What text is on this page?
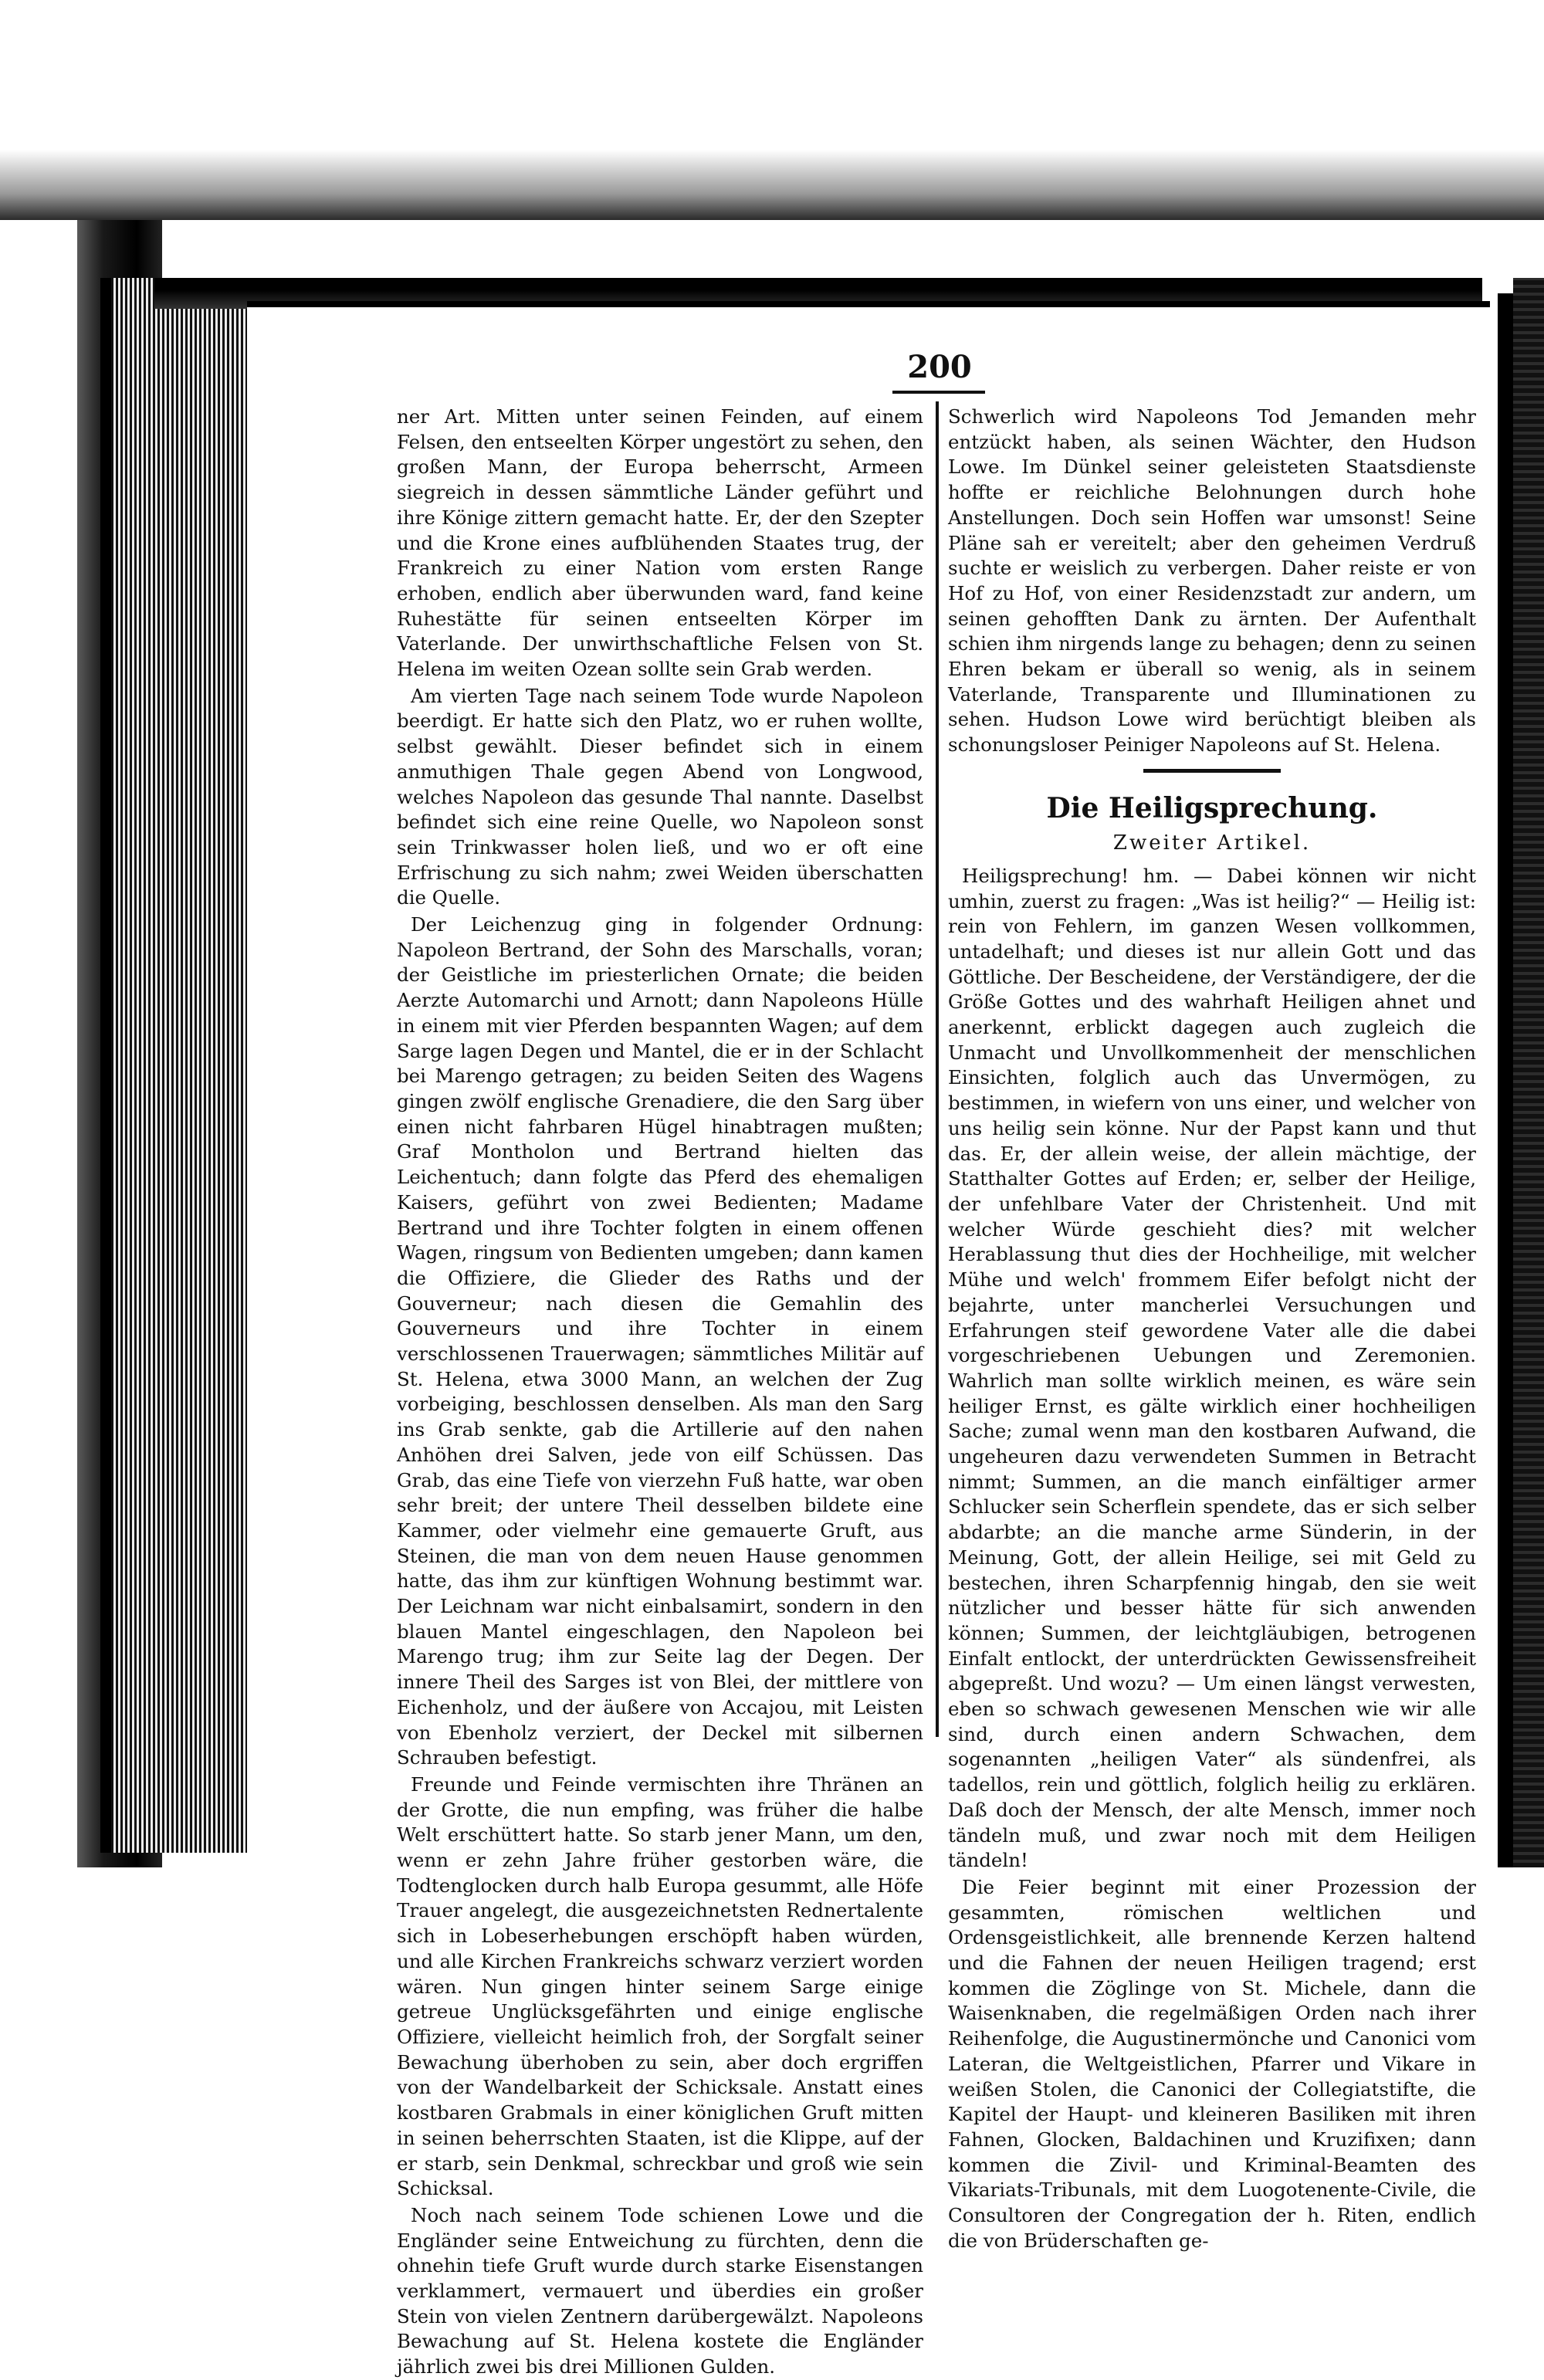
200

ner Art. Mitten unter seinen Feinden, auf einem Felsen, den entseelten Körper ungestört zu sehen, den großen Mann, der Europa beherrscht, Armeen siegreich in dessen sämmtliche Länder geführt und ihre Könige zittern gemacht hatte. Er, der den Szepter und die Krone eines aufblühenden Staates trug, der Frankreich zu einer Nation vom ersten Range erhoben, endlich aber überwunden ward, fand keine Ruhestätte für seinen entseelten Körper im Vaterlande. Der unwirthschaftliche Felsen von St. Helena im weiten Ozean sollte sein Grab werden.

Am vierten Tage nach seinem Tode wurde Napoleon beerdigt. Er hatte sich den Platz, wo er ruhen wollte, selbst gewählt. Dieser befindet sich in einem anmuthigen Thale gegen Abend von Longwood, welches Napoleon das gesunde Thal nannte. Daselbst befindet sich eine reine Quelle, wo Napoleon sonst sein Trinkwasser holen ließ, und wo er oft eine Erfrischung zu sich nahm; zwei Weiden überschatten die Quelle.

Der Leichenzug ging in folgender Ordnung: Napoleon Bertrand, der Sohn des Marschalls, voran; der Geistliche im priesterlichen Ornate; die beiden Aerzte Automarchi und Arnott; dann Napoleons Hülle in einem mit vier Pferden bespannten Wagen; auf dem Sarge lagen Degen und Mantel, die er in der Schlacht bei Marengo getragen; zu beiden Seiten des Wagens gingen zwölf englische Grenadiere, die den Sarg über einen nicht fahrbaren Hügel hinabtragen mußten; Graf Montholon und Bertrand hielten das Leichentuch; dann folgte das Pferd des ehemaligen Kaisers, geführt von zwei Bedienten; Madame Bertrand und ihre Tochter folgten in einem offenen Wagen, ringsum von Bedienten umgeben; dann kamen die Offiziere, die Glieder des Raths und der Gouverneur; nach diesen die Gemahlin des Gouverneurs und ihre Tochter in einem verschlossenen Trauerwagen; sämmtliches Militär auf St. Helena, etwa 3000 Mann, an welchen der Zug vorbeiging, beschlossen denselben. Als man den Sarg ins Grab senkte, gab die Artillerie auf den nahen Anhöhen drei Salven, jede von eilf Schüssen. Das Grab, das eine Tiefe von vierzehn Fuß hatte, war oben sehr breit; der untere Theil desselben bildete eine Kammer, oder vielmehr eine gemauerte Gruft, aus Steinen, die man von dem neuen Hause genommen hatte, das ihm zur künftigen Wohnung bestimmt war. Der Leichnam war nicht einbalsamirt, sondern in den blauen Mantel eingeschlagen, den Napoleon bei Marengo trug; ihm zur Seite lag der Degen. Der innere Theil des Sarges ist von Blei, der mittlere von Eichenholz, und der äußere von Accajou, mit Leisten von Ebenholz verziert, der Deckel mit silbernen Schrauben befestigt.

Freunde und Feinde vermischten ihre Thränen an der Grotte, die nun empfing, was früher die halbe Welt erschüttert hatte. So starb jener Mann, um den, wenn er zehn Jahre früher gestorben wäre, die Todtenglocken durch halb Europa gesummt, alle Höfe Trauer angelegt, die ausgezeichnetsten Rednertalente sich in Lobeserhebungen erschöpft haben würden, und alle Kirchen Frankreichs schwarz verziert worden wären. Nun gingen hinter seinem Sarge einige getreue Unglücksgefährten und einige englische Offiziere, vielleicht heimlich froh, der Sorgfalt seiner Bewachung überhoben zu sein, aber doch ergriffen von der Wandelbarkeit der Schicksale. Anstatt eines kostbaren Grabmals in einer königlichen Gruft mitten in seinen beherrschten Staaten, ist die Klippe, auf der er starb, sein Denkmal, schreckbar und groß wie sein Schicksal.

Noch nach seinem Tode schienen Lowe und die Engländer seine Entweichung zu fürchten, denn die ohnehin tiefe Gruft wurde durch starke Eisenstangen verklammert, vermauert und überdies ein großer Stein von vielen Zentnern darübergewälzt. Napoleons Bewachung auf St. Helena kostete die Engländer jährlich zwei bis drei Millionen Gulden.

Schwerlich wird Napoleons Tod Jemanden mehr entzückt haben, als seinen Wächter, den Hudson Lowe. Im Dünkel seiner geleisteten Staatsdienste hoffte er reichliche Belohnungen durch hohe Anstellungen. Doch sein Hoffen war umsonst! Seine Pläne sah er vereitelt; aber den geheimen Verdruß suchte er weislich zu verbergen. Daher reiste er von Hof zu Hof, von einer Residenzstadt zur andern, um seinen gehofften Dank zu ärnten. Der Aufenthalt schien ihm nirgends lange zu behagen; denn zu seinen Ehren bekam er überall so wenig, als in seinem Vaterlande, Transparente und Illuminationen zu sehen. Hudson Lowe wird berüchtigt bleiben als schonungsloser Peiniger Napoleons auf St. Helena.

Die Heiligsprechung.
Zweiter Artikel.

Heiligsprechung! hm. — Dabei können wir nicht umhin, zuerst zu fragen: „Was ist heilig?“ — Heilig ist: rein von Fehlern, im ganzen Wesen vollkommen, untadelhaft; und dieses ist nur allein Gott und das Göttliche. Der Bescheidene, der Verständigere, der die Größe Gottes und des wahrhaft Heiligen ahnet und anerkennt, erblickt dagegen auch zugleich die Unmacht und Unvollkommenheit der menschlichen Einsichten, folglich auch das Unvermögen, zu bestimmen, in wiefern von uns einer, und welcher von uns heilig sein könne. Nur der Papst kann und thut das. Er, der allein weise, der allein mächtige, der Statthalter Gottes auf Erden; er, selber der Heilige, der unfehlbare Vater der Christenheit. Und mit welcher Würde geschieht dies? mit welcher Herablassung thut dies der Hochheilige, mit welcher Mühe und welch' frommem Eifer befolgt nicht der bejahrte, unter mancherlei Versuchungen und Erfahrungen steif gewordene Vater alle die dabei vorgeschriebenen Uebungen und Zeremonien. Wahrlich man sollte wirklich meinen, es wäre sein heiliger Ernst, es gälte wirklich einer hochheiligen Sache; zumal wenn man den kostbaren Aufwand, die ungeheuren dazu verwendeten Summen in Betracht nimmt; Summen, an die manch einfältiger armer Schlucker sein Scherflein spendete, das er sich selber abdarbte; an die manche arme Sünderin, in der Meinung, Gott, der allein Heilige, sei mit Geld zu bestechen, ihren Scharpfennig hingab, den sie weit nützlicher und besser hätte für sich anwenden können; Summen, der leichtgläubigen, betrogenen Einfalt entlockt, der unterdrückten Gewissensfreiheit abgepreßt. Und wozu? — Um einen längst verwesten, eben so schwach gewesenen Menschen wie wir alle sind, durch einen andern Schwachen, dem sogenannten „heiligen Vater“ als sündenfrei, als tadellos, rein und göttlich, folglich heilig zu erklären. Daß doch der Mensch, der alte Mensch, immer noch tändeln muß, und zwar noch mit dem Heiligen tändeln!

Die Feier beginnt mit einer Prozession der gesammten, römischen weltlichen und Ordensgeistlichkeit, alle brennende Kerzen haltend und die Fahnen der neuen Heiligen tragend; erst kommen die Zöglinge von St. Michele, dann die Waisenknaben, die regelmäßigen Orden nach ihrer Reihenfolge, die Augustinermönche und Canonici vom Lateran, die Weltgeistlichen, Pfarrer und Vikare in weißen Stolen, die Canonici der Collegiatstifte, die Kapitel der Haupt- und kleineren Basiliken mit ihren Fahnen, Glocken, Baldachinen und Kruzifixen; dann kommen die Zivil- und Kriminal-Beamten des Vikariats-Tribunals, mit dem Luogotenente-Civile, die Consultoren der Congregation der h. Riten, endlich die von Brüderschaften ge-
